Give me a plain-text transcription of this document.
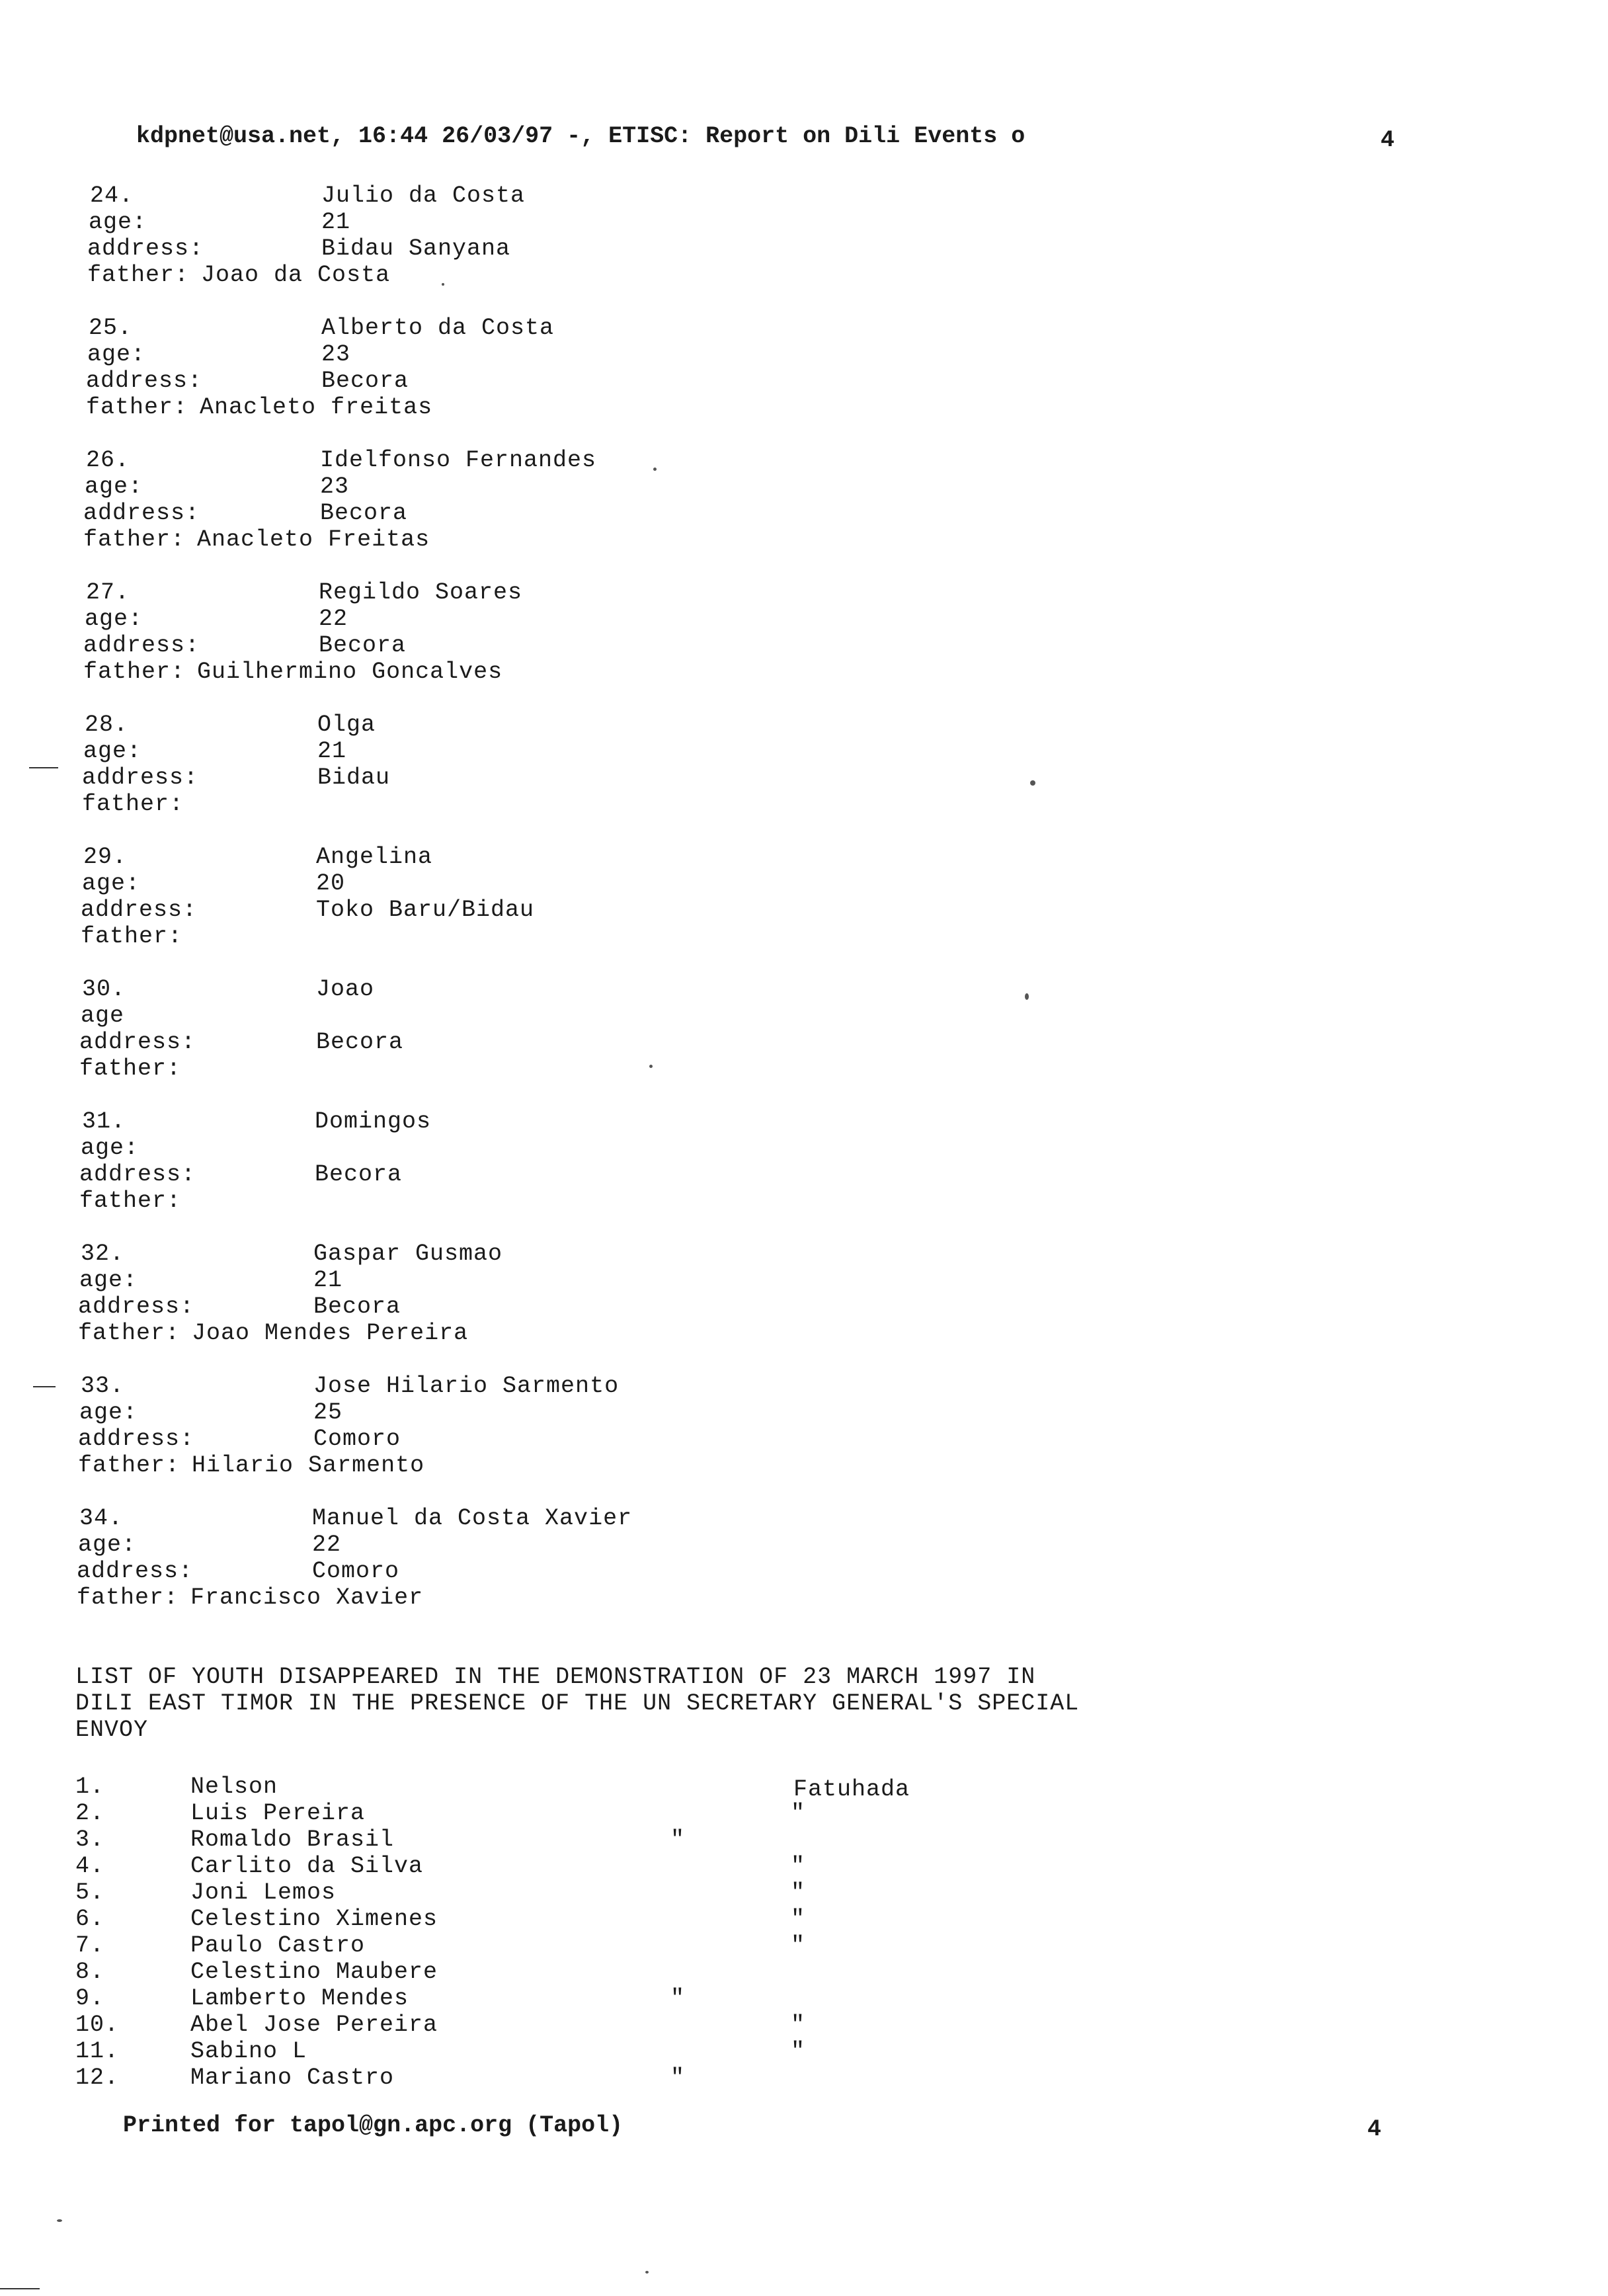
kdpnet@usa.net, 16:44 26/03/97 -, ETISC: Report on Dili Events o	4
24.	Julio da Costa
age:	21
address:	Bidau Sanyana
father: Joao da Costa
25.	Alberto da Costa
age:	23
address:	Becora
father: Anacleto freitas
26.	Idelfonso Fernandes
age:	23
address:	Becora
father: Anacleto Freitas
27.	Regildo Soares
age:	22
address:	Becora
father: Guilhermino Goncalves
28.	Olga
age:	21
address:	Bidau
father:
29.	Angelina
age:	20
address:	Toko Baru/Bidau
father:
30.	Joao
age
address:	Becora
father:
31.	Domingos
age:
address:	Becora
father:
32.	Gaspar Gusmao
age:	21
address:	Becora
father: Joao Mendes Pereira
33.	Jose Hilario Sarmento
age:	25
address:	Comoro
father: Hilario Sarmento
34.	Manuel da Costa Xavier
age:	22
address:	Comoro
father: Francisco Xavier
LIST OF YOUTH DISAPPEARED IN THE DEMONSTRATION OF 23 MARCH 1997 IN
DILI EAST TIMOR IN THE PRESENCE OF THE UN SECRETARY GENERAL'S SPECIAL
ENVOY
1.	Nelson	Fatuhada
2.	Luis Pereira	"
3.	Romaldo Brasil	"
4.	Carlito da Silva	"
5.	Joni Lemos	"
6.	Celestino Ximenes	"
7.	Paulo Castro	"
8.	Celestino Maubere
9.	Lamberto Mendes	"
10.	Abel Jose Pereira	"
11.	Sabino L	"
12.	Mariano Castro	"
Printed for tapol@gn.apc.org (Tapol)	4
